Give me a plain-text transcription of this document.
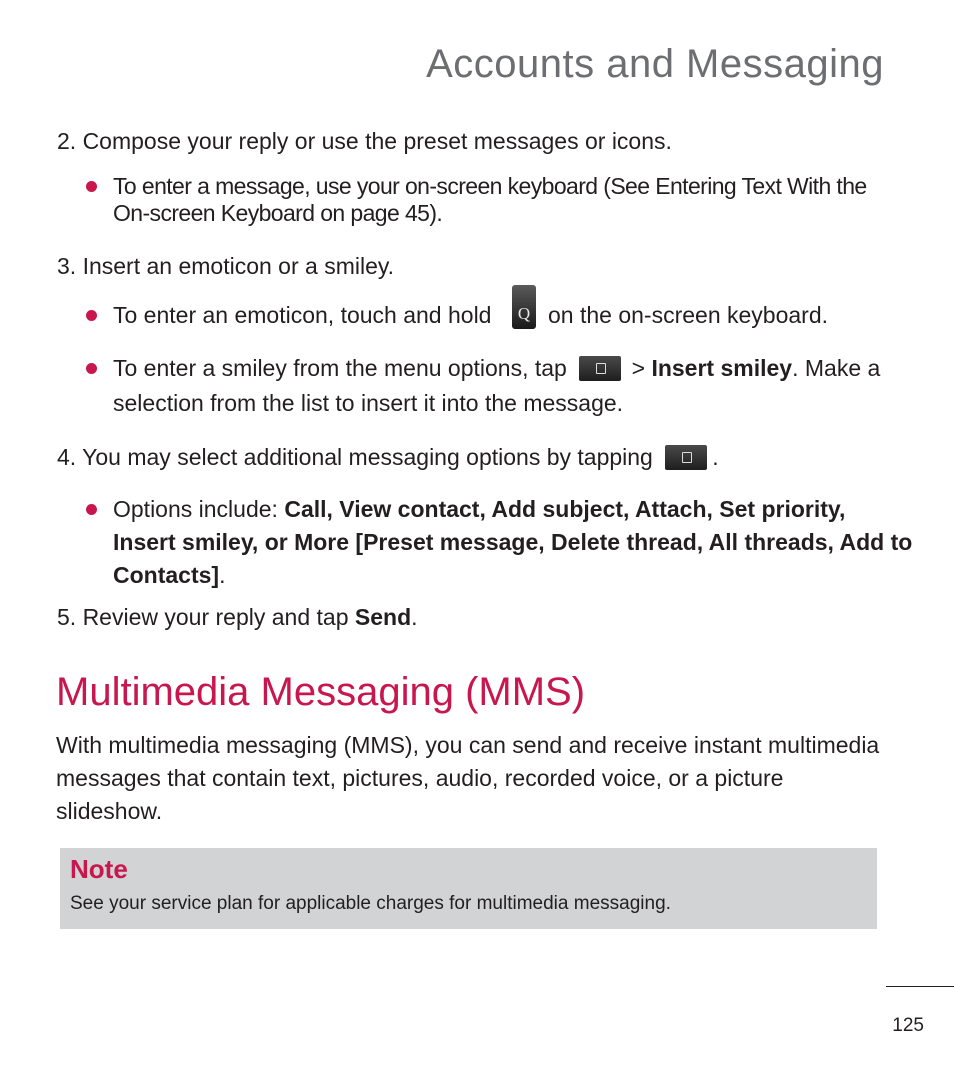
Accounts and Messaging
2. Compose your reply or use the preset messages or icons.
To enter a message, use your on-screen keyboard (See Entering Text With the
On-screen Keyboard on page 45).
3. Insert an emoticon or a smiley.
To enter an emoticon, touch and hold	Q on the on-screen keyboard.
To enter a smiley from the menu options, tap	> Insert smiley. Make a
selection from the list to insert it into the message.
4. You may select additional messaging options by tapping	.
Options include: Call, View contact, Add subject, Attach, Set priority,
Insert smiley, or More [Preset message, Delete thread, All threads, Add to
Contacts].
5. Review your reply and tap Send.
Multimedia Messaging (MMS)
With multimedia messaging (MMS), you can send and receive instant multimedia
messages that contain text, pictures, audio, recorded voice, or a picture
slideshow.
Note
See your service plan for applicable charges for multimedia messaging.
125
